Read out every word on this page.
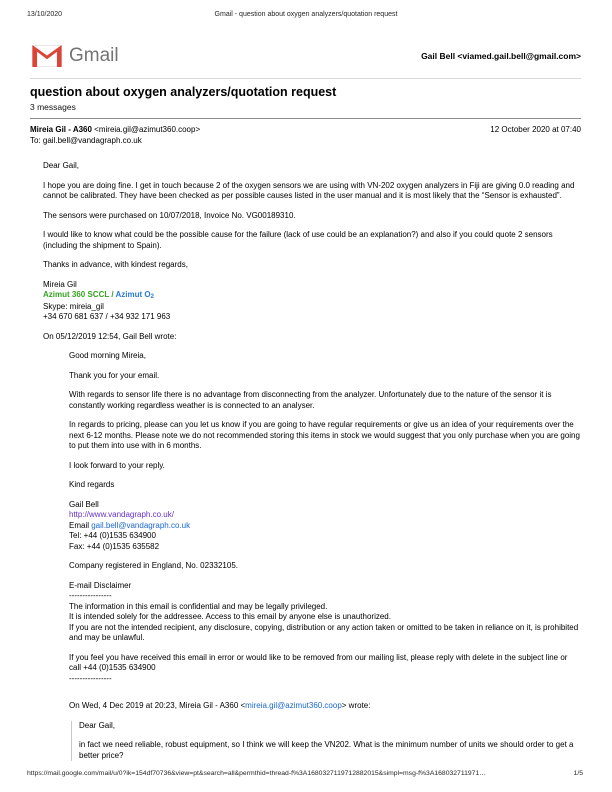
Gmail - question about oxygen analyzers/quotation request
13/10/2020
Gmail	Gail Bell <viamed.gail.bell@gmail.com>
question about oxygen analyzers/quotation request
3 messages
Mireia Gil - A360 <mireia.gil@azimut360.coop>	12 October 2020 at 07:40
To: gail.bell@vandagraph.co.uk

Dear Gail,

I hope you are doing fine. I get in touch because 2 of the oxygen sensors we are using with VN-202 oxygen analyzers in Fiji are giving 0.0 reading and cannot be calibrated. They have been checked as per possible causes listed in the user manual and it is most likely that the “Sensor is exhausted”.

The sensors were purchased on 10/07/2018, Invoice No. VG00189310.

I would like to know what could be the possible cause for the failure (lack of use could be an explanation?) and also if you could quote 2 sensors (including the shipment to Spain).

Thanks in advance, with kindest regards,

Mireia Gil
Azimut 360 SCCL / Azimut $O_2$
Skype: mireia_gil
+34 670 681 637 / +34 932 171 963

On 05/12/2019 12:54, Gail Bell wrote:

Good morning Mireia,

Thank you for your email.

With regards to sensor life there is no advantage from disconnecting from the analyzer. Unfortunately due to the nature of the sensor it is constantly working regardless weather is is connected to an analyser.

In regards to pricing, please can you let us know if you are going to have regular requirements or give us an idea of your requirements over the next 6-12 months. Please note we do not recommended storing this items in stock we would suggest that you only purchase when you are going to put them into use with in 6 months.

I look forward to your reply.

Kind regards

Gail Bell
http://www.vandagraph.co.uk/
Email gail.bell@vandagraph.co.uk
Tel: +44 (0)1535 634900
Fax: +44 (0)1535 635582

Company registered in England, No. 02332105.

E-mail Disclaimer
----------------
The information in this email is confidential and may be legally privileged.
It is intended solely for the addressee. Access to this email by anyone else is unauthorized.
If you are not the intended recipient, any disclosure, copying, distribution or any action taken or omitted to be taken in reliance on it, is prohibited and may be unlawful.
If you feel you have received this email in error or would like to be removed from our mailing list, please reply with delete in the subject line or call +44 (0)1535 634900
----------------

On Wed, 4 Dec 2019 at 20:23, Mireia Gil - A360 <mireia.gil@azimut360.coop> wrote:

Dear Gail,

in fact we need reliable, robust equipment, so I think we will keep the VN202. What is the minimum number of units we should order to get a better price?

https://mail.google.com/mail/u/0?ik=154df70736&view=pt&search=all&permthid=thread-f%3A1680327119712882015&simpl=msg-f%3A168032711971…	1/5
